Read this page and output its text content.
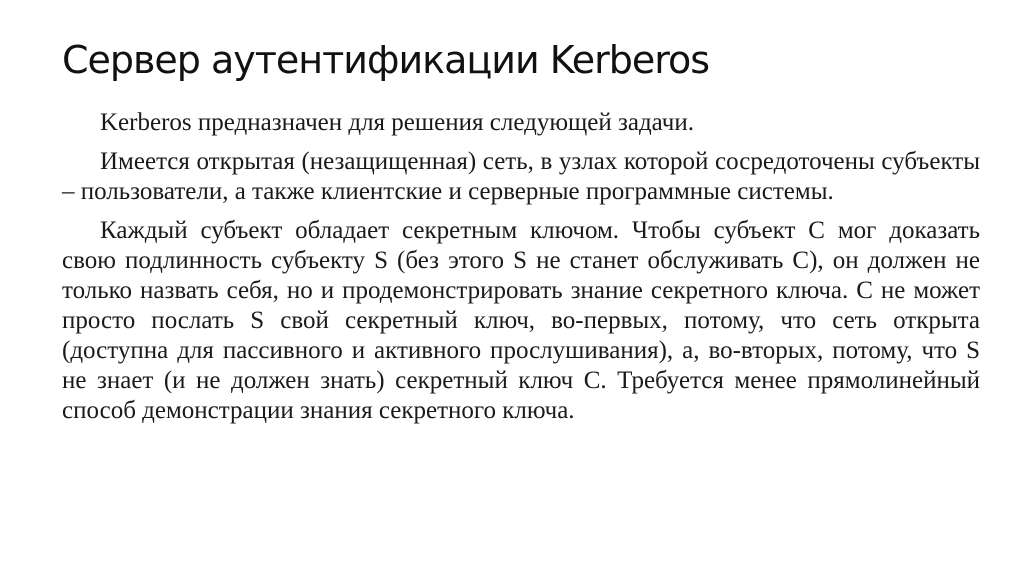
Сервер аутентификации Kerberos

Kerberos предназначен для решения следующей задачи.

Имеется открытая (незащищенная) сеть, в узлах которой сосредоточены субъекты – пользователи, а также клиентские и серверные программные системы.

Каждый субъект обладает секретным ключом. Чтобы субъект C мог доказать свою подлинность субъекту S (без этого S не станет обслуживать C), он должен не только назвать себя, но и продемонстрировать знание секретного ключа. C не может просто послать S свой секретный ключ, во-первых, потому, что сеть открыта (доступна для пассивного и активного прослушивания), а, во-вторых, потому, что S не знает (и не должен знать) секретный ключ C. Требуется менее прямолинейный способ демонстрации знания секретного ключа.
